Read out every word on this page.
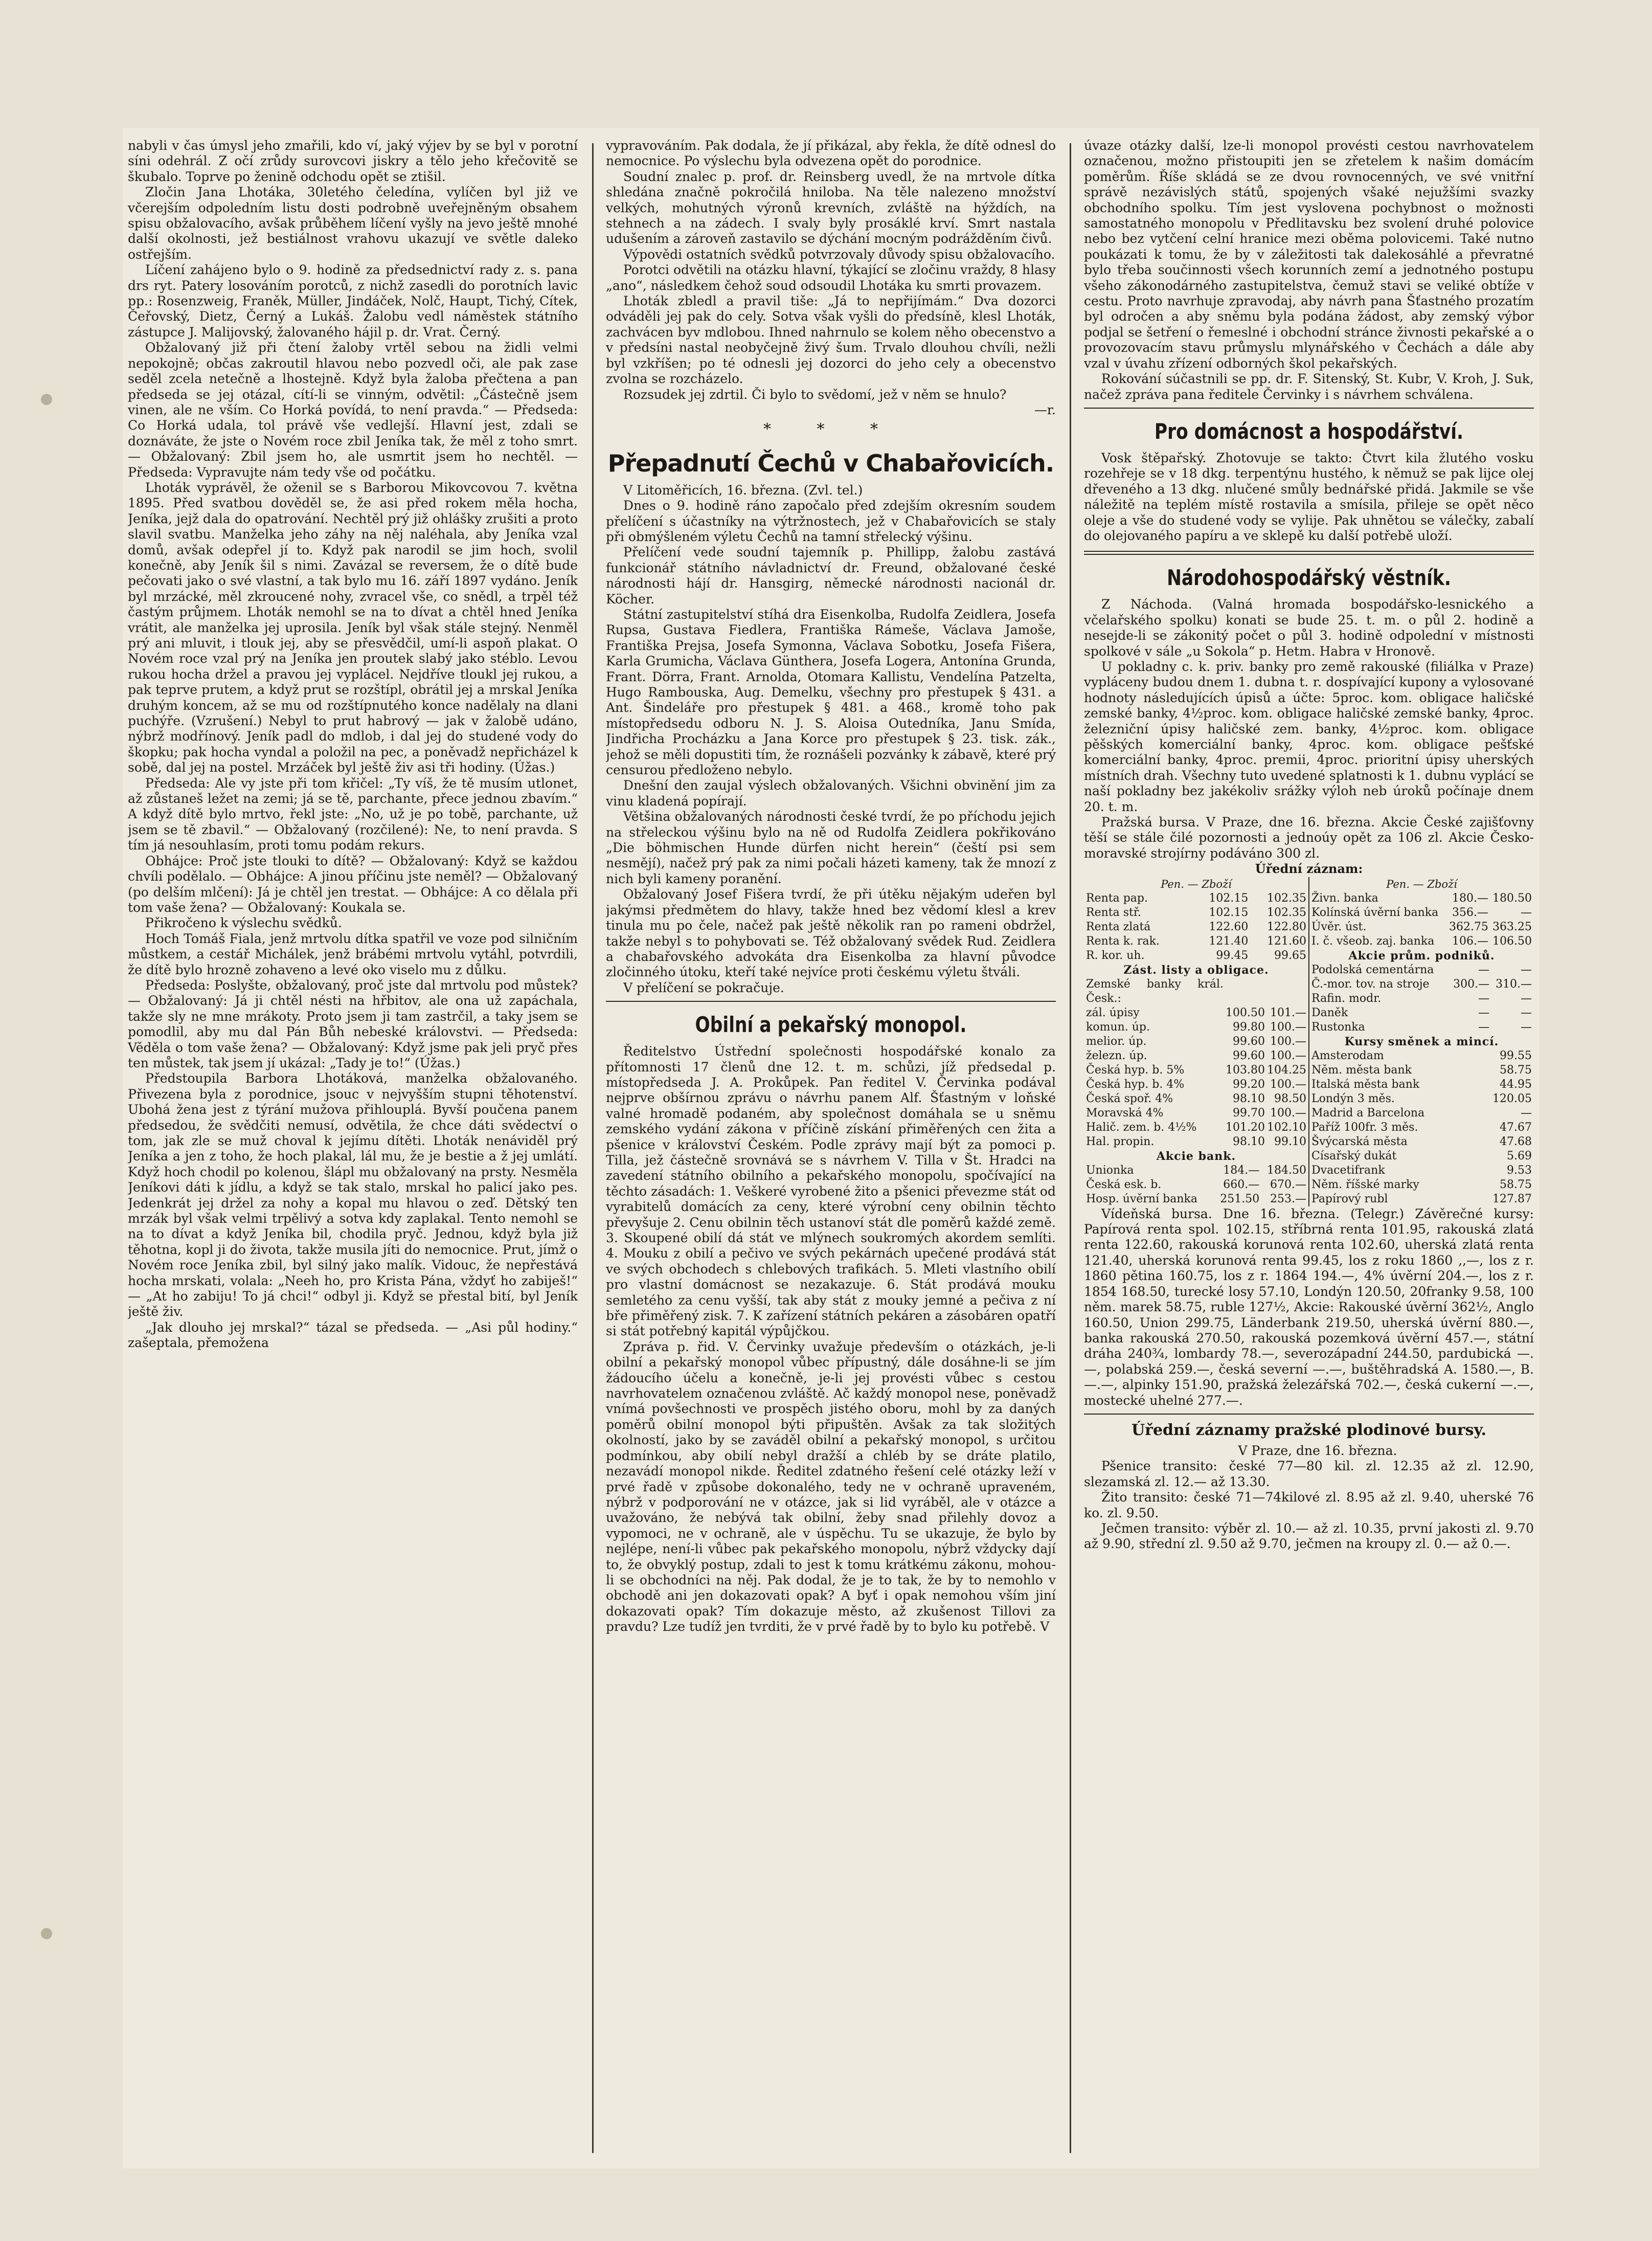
nabyli v čas úmysl jeho zmařili, kdo ví, jaký výjev by se byl v porotní síni odehrál. Z očí zrůdy surovcovi jiskry a tělo jeho křečovitě se škubalo. Toprve po ženině odchodu opět se ztišil.

Zločin Jana Lhotáka, 30letého čeledína, vylíčen byl již ve včerejším odpoledním listu dosti podrobně uveřejněným obsahem spisu obžalovacího, avšak průběhem líčení vyšly na jevo ještě mnohé další okolnosti, jež bestiálnost vrahovu ukazují ve světle daleko ostřejším.

Líčení zahájeno bylo o 9. hodině za předsednictví rady z. s. pana drs ryt. Patery losováním porotců, z nichž zasedli do porotních lavic pp.: Rosenzweig, Franěk, Müller, Jindáček, Nolč, Haupt, Tichý, Cítek, Čeřovský, Dietz, Černý a Lukáš. Žalobu vedl náměstek státního zástupce J. Malijovský, žalovaného hájil p. dr. Vrat. Černý.

Obžalovaný již při čtení žaloby vrtěl sebou na židli velmi nepokojně; občas zakroutil hlavou nebo pozvedl oči, ale pak zase seděl zcela netečně a lhostejně. Když byla žaloba přečtena a pan předseda se jej otázal, cítí-li se vinným, odvětil: „Částečně jsem vinen, ale ne vším. Co Horká povídá, to není pravda.“ — Předseda: Co Horká udala, tol právě vše vedlejší. Hlavní jest, zdali se doznáváte, že jste o Novém roce zbil Jeníka tak, že měl z toho smrt. — Obžalovaný: Zbil jsem ho, ale usmrtit jsem ho nechtěl. — Předseda: Vypravujte nám tedy vše od počátku.

Lhoták vyprávěl, že oženil se s Barborou Mikovcovou 7. května 1895. Před svatbou dověděl se, že asi před rokem měla hocha, Jeníka, jejž dala do opatrování. Nechtěl prý již ohlášky zrušiti a proto slavil svatbu. Manželka jeho záhy na něj naléhala, aby Jeníka vzal domů, avšak odepřel jí to. Když pak narodil se jim hoch, svolil konečně, aby Jeník šil s nimi. Zavázal se reversem, že o dítě bude pečovati jako o své vlastní, a tak bylo mu 16. září 1897 vydáno. Jeník byl mrzácké, měl zkroucené nohy, zvracel vše, co snědl, a trpěl též častým průjmem. Lhoták nemohl se na to dívat a chtěl hned Jeníka vrátit, ale manželka jej uprosila. Jeník byl však stále stejný. Nenměl prý ani mluvit, i tlouk jej, aby se přesvědčil, umí-li aspoň plakat. O Novém roce vzal prý na Jeníka jen proutek slabý jako stéblo. Levou rukou hocha držel a pravou jej vyplácel. Nejdříve tloukl jej rukou, a pak teprve prutem, a když prut se rozštípl, obrátil jej a mrskal Jeníka druhým koncem, až se mu od rozštípnutého konce nadělaly na dlani puchýře. (Vzrušení.) Nebyl to prut habrový — jak v žalobě udáno, nýbrž modřínový. Jeník padl do mdlob, i dal jej do studené vody do škopku; pak hocha vyndal a položil na pec, a poněvadž nepřicházel k sobě, dal jej na postel. Mrzáček byl ještě živ asi tři hodiny. (Úžas.)

Předseda: Ale vy jste při tom křičel: „Ty víš, že tě musím utlonet, až zůstaneš ležet na zemi; já se tě, parchante, přece jednou zbavím.“ A když dítě bylo mrtvo, řekl jste: „No, už je po tobě, parchante, už jsem se tě zbavil.“ — Obžalovaný (rozčilené): Ne, to není pravda. S tím já nesouhlasím, proti tomu podám rekurs.

Obhájce: Proč jste tlouki to dítě? — Obžalovaný: Když se každou chvíli podělalo. — Obhájce: A jinou příčinu jste neměl? — Obžalovaný (po delším mlčení): Já je chtěl jen trestat. — Obhájce: A co dělala při tom vaše žena? — Obžalovaný: Koukala se.

Přikročeno k výslechu svědků.

Hoch Tomáš Fiala, jenž mrtvolu dítka spatřil ve voze pod silničním můstkem, a cestář Michálek, jenž brábémi mrtvolu vytáhl, potvrdili, že dítě bylo hrozně zohaveno a levé oko viselo mu z důlku.

Předseda: Poslyšte, obžalovaný, proč jste dal mrtvolu pod můstek? — Obžalovaný: Já ji chtěl nésti na hřbitov, ale ona už zapáchala, takže sly ne mne mrákoty. Proto jsem ji tam zastrčil, a taky jsem se pomodlil, aby mu dal Pán Bůh nebeské královstvi. — Předseda: Věděla o tom vaše žena? — Obžalovaný: Když jsme pak jeli pryč přes ten můstek, tak jsem jí ukázal: „Tady je to!“ (Úžas.)

Předstoupila Barbora Lhotáková, manželka obžalovaného. Přivezena byla z porodnice, jsouc v nejvyšším stupni těhotenství. Ubohá žena jest z týrání mužova přihlouplá. Byvší poučena panem předsedou, že svědčiti nemusí, odvětila, že chce dáti svědectví o tom, jak zle se muž choval k jejímu dítěti. Lhoták nenáviděl prý Jeníka a jen z toho, že hoch plakal, lál mu, že je bestie a ž jej umlátí. Když hoch chodil po kolenou, šlápl mu obžalovaný na prsty. Nesměla Jeníkovi dáti k jídlu, a když se tak stalo, mrskal ho palicí jako pes. Jedenkrát jej držel za nohy a kopal mu hlavou o zeď. Dětský ten mrzák byl však velmi trpělivý a sotva kdy zaplakal. Tento nemohl se na to dívat a když Jeníka bil, chodila pryč. Jednou, když byla již těhotna, kopl ji do života, takže musila jíti do nemocnice. Prut, jímž o Novém roce Jeníka zbil, byl silný jako malík. Vidouc, že nepřestává hocha mrskati, volala: „Neeh ho, pro Krista Pána, vždyť ho zabiješ!“ — „At ho zabiju! To já chci!“ odbyl ji. Když se přestal bití, byl Jeník ještě živ.

„Jak dlouho jej mrskal?“ tázal se předseda. — „Asi půl hodiny.“ zašeptala, přemožena

vypravováním. Pak dodala, že jí přikázal, aby řekla, že dítě odnesl do nemocnice. Po výslechu byla odvezena opět do porodnice.

Soudní znalec p. prof. dr. Reinsberg uvedl, že na mrtvole dítka shledána značně pokročilá hniloba. Na těle nalezeno množství velkých, mohutných výronů krevních, zvláště na hýždích, na stehnech a na zádech. I svaly byly prosáklé krví. Smrt nastala udušením a zároveň zastavilo se dýchání mocným podrážděním čivů.

Výpovědi ostatních svědků potvrzovaly důvody spisu obžalovacího.

Porotci odvětili na otázku hlavní, týkající se zločinu vraždy, 8 hlasy „ano“, následkem čehož soud odsoudil Lhotáka ku smrti provazem.

Lhoták zbledl a pravil tiše: „Já to nepřijímám.“ Dva dozorci odváděli jej pak do cely. Sotva však vyšli do předsíně, klesl Lhoták, zachvácen byv mdlobou. Ihned nahrnulo se kolem něho obecenstvo a v předsíni nastal neobyčejně živý šum. Trvalo dlouhou chvíli, nežli byl vzkříšen; po té odnesli jej dozorci do jeho cely a obecenstvo zvolna se rozcházelo.

Rozsudek jej zdrtil. Či bylo to svědomí, jež v něm se hnulo?

—r.
* * *
Přepadnutí Čechů v Chabařovicích.

V Litoměřicích, 16. března. (Zvl. tel.)

Dnes o 9. hodině ráno započalo před zdejším okresním soudem přelíčení s účastníky na výtržnostech, jež v Chabařovicích se staly při obmýšleném výletu Čechů na tamní střelecký výšinu.

Přelíčení vede soudní tajemník p. Phillipp, žalobu zastává funkcionář státního návladnictví dr. Freund, obžalované české národnosti hájí dr. Hansgirg, německé národnosti nacionál dr. Köcher.

Státní zastupitelství stíhá dra Eisenkolba, Rudolfa Zeidlera, Josefa Rupsa, Gustava Fiedlera, Františka Rámeše, Václava Jamoše, Františka Prejsa, Josefa Symonna, Václava Sobotku, Josefa Fišera, Karla Grumicha, Václava Günthera, Josefa Logera, Antonína Grunda, Frant. Dörra, Frant. Arnolda, Otomara Kallistu, Vendelína Patzelta, Hugo Rambouska, Aug. Demelku, všechny pro přestupek § 431. a Ant. Šindeláře pro přestupek § 481. a 468., kromě toho pak místopředsedu odboru N. J. S. Aloisa Outedníka, Janu Smída, Jindřicha Procházku a Jana Korce pro přestupek § 23. tisk. zák., jehož se měli dopustiti tím, že roznášeli pozvánky k zábavě, které prý censurou předloženo nebylo.

Dnešní den zaujal výslech obžalovaných. Všichni obvinění jim za vinu kladená popírají.

Většina obžalovaných národnosti české tvrdí, že po příchodu jejich na střeleckou výšinu bylo na ně od Rudolfa Zeidlera pokřikováno „Die böhmischen Hunde dürfen nicht herein“ (čeští psi sem nesmějí), načež prý pak za nimi počali házeti kameny, tak že mnozí z nich byli kameny poranění.

Obžalovaný Josef Fišera tvrdí, že při útěku nějakým udeřen byl jakýmsi předmětem do hlavy, takže hned bez vědomí klesl a krev tinula mu po čele, načež pak ještě několik ran po rameni obdržel, takže nebyl s to pohybovati se. Též obžalovaný svědek Rud. Zeidlera a chabařovského advokáta dra Eisenkolba za hlavní původce zločinného útoku, kteří také nejvíce proti českému výletu štváli.

V přelíčení se pokračuje.

Obilní a pekařský monopol.

Ředitelstvo Ústřední společnosti hospodářské konalo za přítomnosti 17 členů dne 12. t. m. schůzi, jíž předsedal p. místopředseda J. A. Prokůpek. Pan ředitel V. Červinka podával nejprve obšírnou zprávu o návrhu panem Alf. Šťastným v loňské valné hromadě podaném, aby společnost domáhala se u sněmu zemského vydání zákona v příčině získání přiměřených cen žita a pšenice v království Českém. Podle zprávy mají být za pomoci p. Tilla, jež částečně srovnává se s návrhem V. Tilla v Št. Hradci na zavedení státního obilního a pekařského monopolu, spočívající na těchto zásadách: 1. Veškeré vyrobené žito a pšenici převezme stát od vyrabitelů domácích za ceny, které výrobní ceny obilnin těchto převyšuje 2. Cenu obilnin těch ustanoví stát dle poměrů každé země. 3. Skoupené obilí dá stát ve mlýnech soukromých akordem semlíti. 4. Mouku z obilí a pečivo ve svých pekárnách upečené prodává stát ve svých obchodech s chlebových trafikách. 5. Mleti vlastního obilí pro vlastní domácnost se nezakazuje. 6. Stát prodává mouku semletého za cenu vyšší, tak aby stát z mouky jemné a pečiva z ní bře přiměřený zisk. 7. K zařízení státních pekáren a zásobáren opatří si stát potřebný kapitál výpůjčkou.

Zpráva p. řid. V. Červinky uvažuje především o otázkách, je-li obilní a pekařský monopol vůbec přípustný, dále dosáhne-li se jím žádoucího účelu a konečně, je-li jej provésti vůbec s cestou navrhovatelem označenou zvláště. Ač každý monopol nese, poněvadž vnímá povšechnosti ve prospěch jistého oboru, mohl by za daných poměrů obilní monopol býti připuštěn. Avšak za tak složitých okolností, jako by se zaváděl obilní a pekařský monopol, s určitou podmínkou, aby obilí nebyl dražší a chléb by se dráte platilo, nezavádí monopol nikde. Ředitel zdatného řešení celé otázky leží v prvé řadě v způsobe dokonalého, tedy ne v ochraně upraveném, nýbrž v podporování ne v otázce, jak si lid vyráběl, ale v otázce a uvažováno, že nebývá tak obilní, žeby snad přilehly dovoz a vypomoci, ne v ochraně, ale v úspěchu. Tu se ukazuje, že bylo by nejlépe, není-li vůbec pak pekařského monopolu, nýbrž vždycky dají to, že obvyklý postup, zdali to jest k tomu krátkému zákonu, mohou-li se obchodníci na něj. Pak dodal, že je to tak, že by to nemohlo v obchodě ani jen dokazovati opak? A byť i opak nemohou vším jiní dokazovati opak? Tím dokazuje město, až zkušenost Tillovi za pravdu? Lze tudíž jen tvrditi, že v prvé řadě by to bylo ku potřebě. V

úvaze otázky další, lze-li monopol provésti cestou navrhovatelem označenou, možno přistoupiti jen se zřetelem k našim domácím poměrům. Říše skládá se ze dvou rovnocenných, ve své vnitřní správě nezávislých států, spojených všaké nejužšími svazky obchodního spolku. Tím jest vyslovena pochybnost o možnosti samostatného monopolu v Předlitavsku bez svolení druhé polovice nebo bez vytčení celní hranice mezi oběma polovicemi. Také nutno poukázati k tomu, že by v záležitosti tak dalekosáhlé a převratné bylo třeba součinnosti všech korunních zemí a jednotného postupu všeho zákonodárného zastupitelstva, čemuž stavi se veliké obtíže v cestu. Proto navrhuje zpravodaj, aby návrh pana Šťastného prozatím byl odročen a aby sněmu byla podána žádost, aby zemský výbor podjal se šetření o řemeslné i obchodní stránce živnosti pekařské a o provozovacím stavu průmyslu mlynářského v Čechách a dále aby vzal v úvahu zřízení odborných škol pekařských.

Rokování súčastnili se pp. dr. F. Sitenský, St. Kubr, V. Kroh, J. Suk, načež zpráva pana ředitele Červinky i s návrhem schválena.

Pro domácnost a hospodářství.

Vosk štěpařský. Zhotovuje se takto: Čtvrt kila žlutého vosku rozehřeje se v 18 dkg. terpentýnu hustého, k němuž se pak lijce olej dřeveného a 13 dkg. nlučené smůly bednářské přidá. Jakmile se vše náležitě na teplém místě rostavila a smísila, přileje se opět něco oleje a vše do studené vody se vylije. Pak uhnětou se válečky, zabalí do olejovaného papíru a ve sklepě ku další potřebě uloží.

Národohospodářský věstník.

Z Náchoda. (Valná hromada bospodářsko-lesnického a včelařského spolku) konati se bude 25. t. m. o půl 2. hodině a nesejde-li se zákonitý počet o půl 3. hodině odpolední v místnosti spolkové v sále „u Sokola“ p. Hetm. Habra v Hronově.

U pokladny c. k. priv. banky pro země rakouské (filiálka v Praze) vypláceny budou dnem 1. dubna t. r. dospívající kupony a vylosované hodnoty následujících úpisů a účte: 5proc. kom. obligace haličské zemské banky, 4½proc. kom. obligace haličské zemské banky, 4proc. železniční úpisy haličské zem. banky, 4½proc. kom. obligace pěšských komerciální banky, 4proc. kom. obligace pešťské komerciální banky, 4proc. premii, 4proc. prioritní úpisy uherských místních drah. Všechny tuto uvedené splatnosti k 1. dubnu vyplácí se naší pokladny bez jakékoliv srážky výloh neb úroků počínaje dnem 20. t. m.

Pražská bursa. V Praze, dne 16. března. Akcie České zajišťovny těší se stále čilé pozornosti a jednoúy opět za 106 zl. Akcie Česko-moravské strojírny podáváno 300 zl.

Úřední záznam:
Pen. — Zboží
Renta pap.	102.15	102.35
Renta stř.	102.15	102.35
Renta zlatá	122.60	122.80
Renta k. rak.	121.40	121.60
R. kor. uh.	99.45	99.65
Zást. listy a obligace.
Zemské banky král. Česk.:		
zál. úpisy	100.50	101.—
komun. úp.	99.80	100.—
melior. úp.	99.60	100.—
železn. úp.	99.60	100.—
Česká hyp. b. 5%	103.80	104.25
Česká hyp. b. 4%	99.20	100.—
Česká spoř. 4%	98.10	98.50
Moravská 4%	99.70	100.—
Halič. zem. b. 4½%	101.20	102.10
Hal. propin.	98.10	99.10
Akcie bank.
Unionka	184.—	184.50
Česká esk. b.	660.—	670.—
Hosp. úvěrní banka	251.50	253.—

Pen. — Zboží
Živn. banka	180.—	180.50
Kolínská úvěrní banka	356.—	—
Úvěr. úst.	362.75	363.25
I. č. všeob. zaj. banka	106.—	106.50
Akcie prům. podniků.
Podolská cementárna	—	—
Č.-mor. tov. na stroje	300.—	310.—
Rafin. modr.	—	—
Daněk	—	—
Rustonka	—	—
Kursy směnek a mincí.
Amsterodam		99.55
Něm. města bank		58.75
Italská města bank		44.95
Londýn 3 měs.		120.05
Madrid a Barcelona		—
Paříž 100fr. 3 měs.		47.67
Švýcarská města		47.68
Císařský dukát		5.69
Dvacetifrank		9.53
Něm. říšské marky		58.75
Papírový rubl		127.87

Vídeňská bursa. Dne 16. března. (Telegr.) Závěrečné kursy: Papírová renta spol. 102.15, stříbrná renta 101.95, rakouská zlatá renta 122.60, rakouská korunová renta 102.60, uherská zlatá renta 121.40, uherská korunová renta 99.45, los z roku 1860 ,,—, los z r. 1860 pětina 160.75, los z r. 1864 194.—, 4% úvěrní 204.—, los z r. 1854 168.50, turecké losy 57.10, Londýn 120.50, 20franky 9.58, 100 něm. marek 58.75, ruble 127½, Akcie: Rakouské úvěrní 362½, Anglo 160.50, Union 299.75, Länderbank 219.50, uherská úvěrní 880.—, banka rakouská 270.50, rakouská pozemková úvěrní 457.—, státní dráha 240¾, lombardy 78.—, severozápadní 244.50, pardubická —.—, polabská 259.—, česká severní —.—, buštěhradská A. 1580.—, B. —.—, alpinky 151.90, pražská železářská 702.—, česká cukerní —.—, mostecké uhelné 277.—.

Úřední záznamy pražské plodinové bursy.

V Praze, dne 16. března.

Pšenice transito: české 77—80 kil. zl. 12.35 až zl. 12.90, slezamská zl. 12.— až 13.30.

Žito transito: české 71—74kilové zl. 8.95 až zl. 9.40, uherské 76 ko. zl. 9.50.

Ječmen transito: výběr zl. 10.— až zl. 10.35, první jakosti zl. 9.70 až 9.90, střední zl. 9.50 až 9.70, ječmen na kroupy zl. 0.— až 0.—.
